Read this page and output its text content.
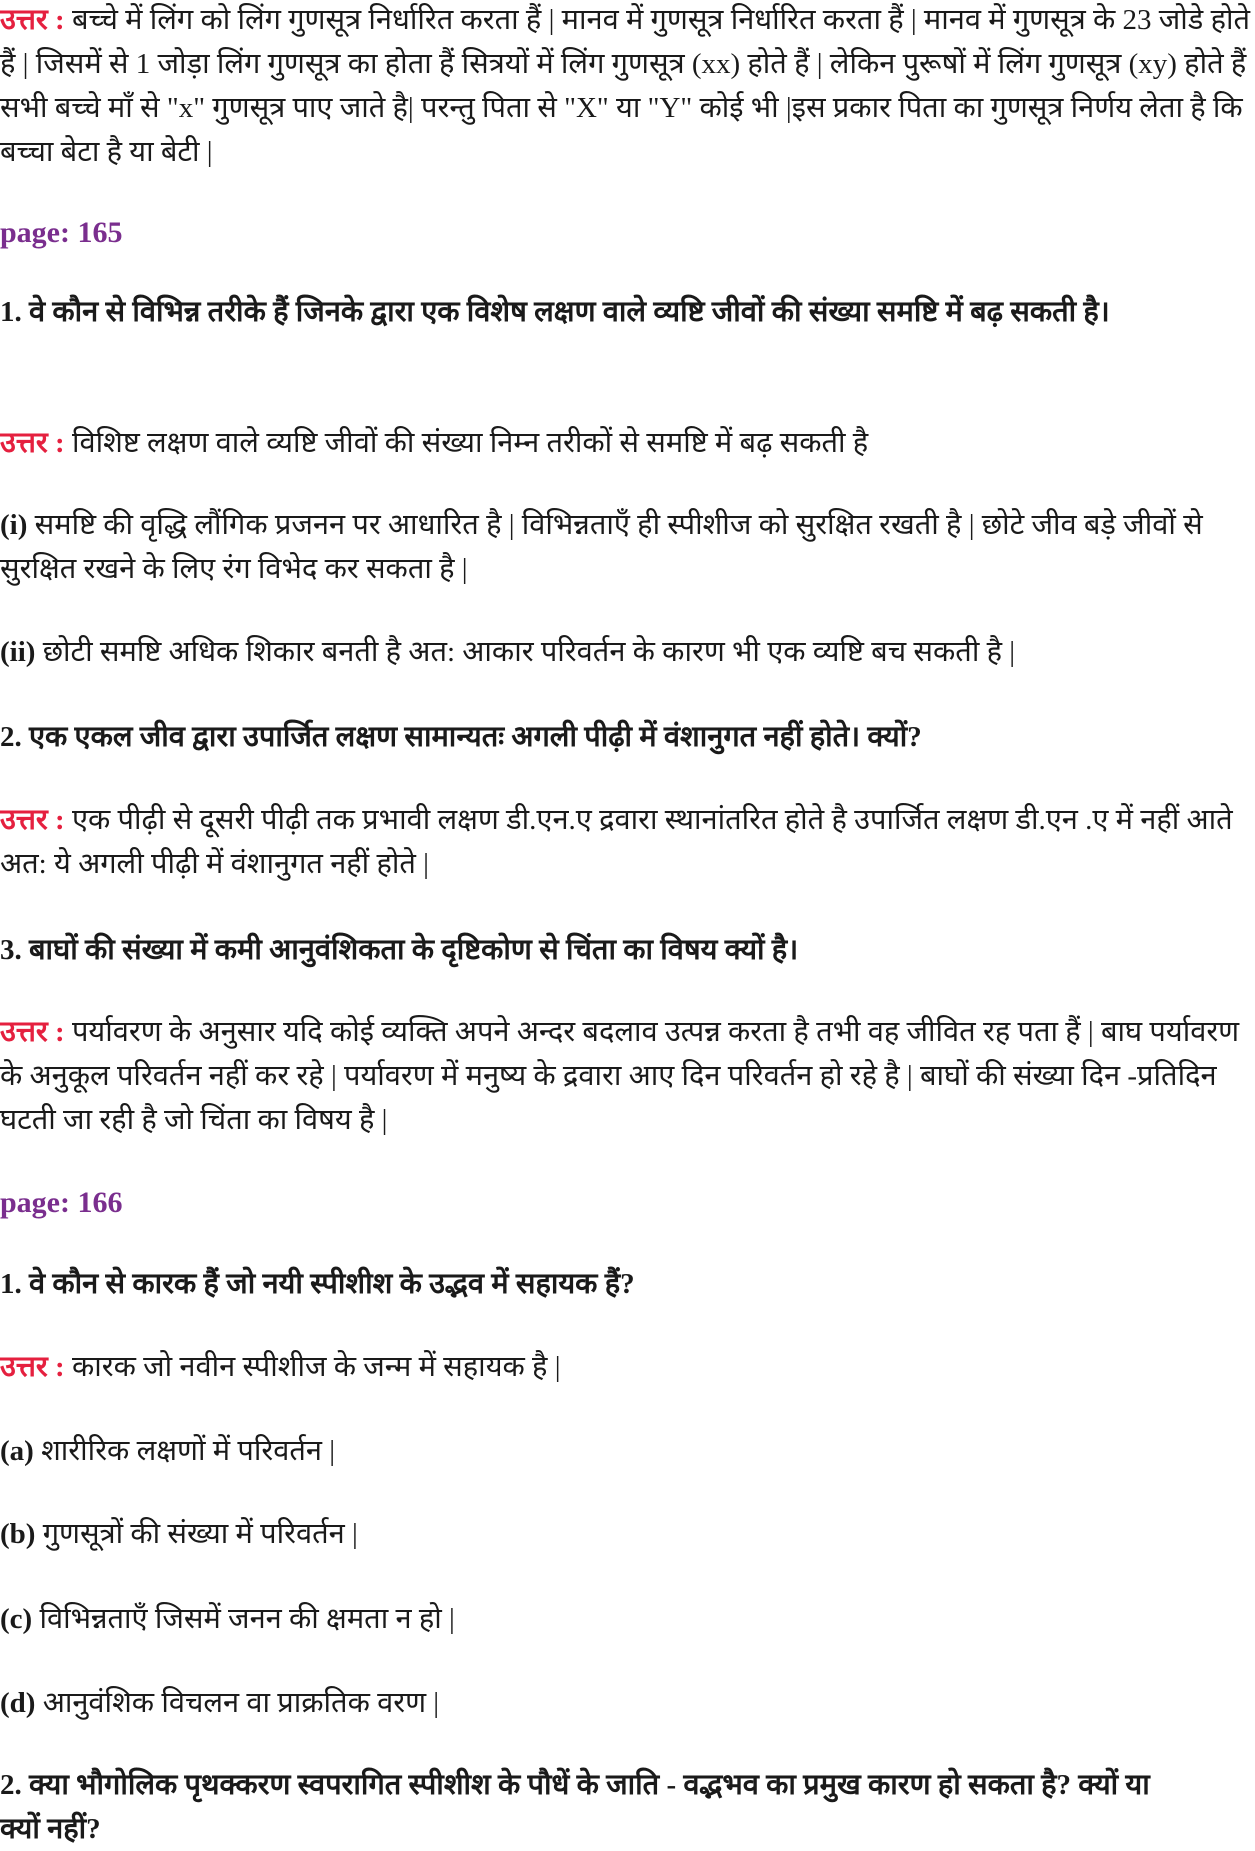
उत्तर : बच्चे में लिंग को लिंग गुणसूत्र निर्धारित करता हैं | मानव में गुणसूत्र निर्धारित करता हैं | मानव में गुणसूत्र के 23 जोडे होते हैं | जिसमें से 1 जोड़ा लिंग गुणसूत्र का होता हैं सित्रयों में लिंग गुणसूत्र (xx) होते हैं | लेकिन पुरूषों में लिंग गुणसूत्र (xy) होते हैं सभी बच्चे माँ से "x" गुणसूत्र पाए जाते है| परन्तु पिता से "X" या "Y" कोई भी |इस प्रकार पिता का गुणसूत्र निर्णय लेता है कि बच्चा बेटा है या बेटी |
page: 165
1. वे कौन से विभिन्न तरीके हैं जिनके द्वारा एक विशेष लक्षण वाले व्यष्टि जीवों की संख्या समष्टि में बढ़ सकती है।
उत्तर : विशिष्ट लक्षण वाले व्यष्टि जीवों की संख्या निम्न तरीकों से समष्टि में बढ़ सकती है
(i) समष्टि की वृद्धि लौंगिक प्रजनन पर आधारित है | विभिन्नताएँ ही स्पीशीज को सुरक्षित रखती है | छोटे जीव बड़े जीवों से सुरक्षित रखने के लिए रंग विभेद कर सकता है |
(ii) छोटी समष्टि अधिक शिकार बनती है अत: आकार परिवर्तन के कारण भी एक व्यष्टि बच सकती है |
2. एक एकल जीव द्वारा उपार्जित लक्षण सामान्यतः अगली पीढ़ी में वंशानुगत नहीं होते। क्यों?
उत्तर : एक पीढ़ी से दूसरी पीढ़ी तक प्रभावी लक्षण डी.एन.ए द्रवारा स्थानांतरित होते है उपार्जित लक्षण डी.एन .ए में नहीं आते अत: ये अगली पीढ़ी में वंशानुगत नहीं होते |
3. बाघों की संख्या में कमी आनुवंशिकता के दृष्टिकोण से चिंता का विषय क्यों है।
उत्तर : पर्यावरण के अनुसार यदि कोई व्यक्ति अपने अन्दर बदलाव उत्पन्न करता है तभी वह जीवित रह पता हैं | बाघ पर्यावरण के अनुकूल परिवर्तन नहीं कर रहे | पर्यावरण में मनुष्य के द्रवारा आए दिन परिवर्तन हो रहे है | बाघों की संख्या दिन -प्रतिदिन घटती जा रही है जो चिंता का विषय है |
page: 166
1. वे कौन से कारक हैं जो नयी स्पीशीश के उद्भव में सहायक हैं?
उत्तर : कारक जो नवीन स्पीशीज के जन्म में सहायक है |
(a) शारीरिक लक्षणों में परिवर्तन |
(b) गुणसूत्रों की संख्या में परिवर्तन |
(c) विभिन्नताएँ जिसमें जनन की क्षमता न हो |
(d) आनुवंशिक विचलन वा प्राक्रतिक वरण |
2. क्या भौगोलिक पृथक्करण स्वपरागित स्पीशीश के पौधें के जाति - वद्भभव का प्रमुख कारण हो सकता है? क्यों या क्यों नहीं?
